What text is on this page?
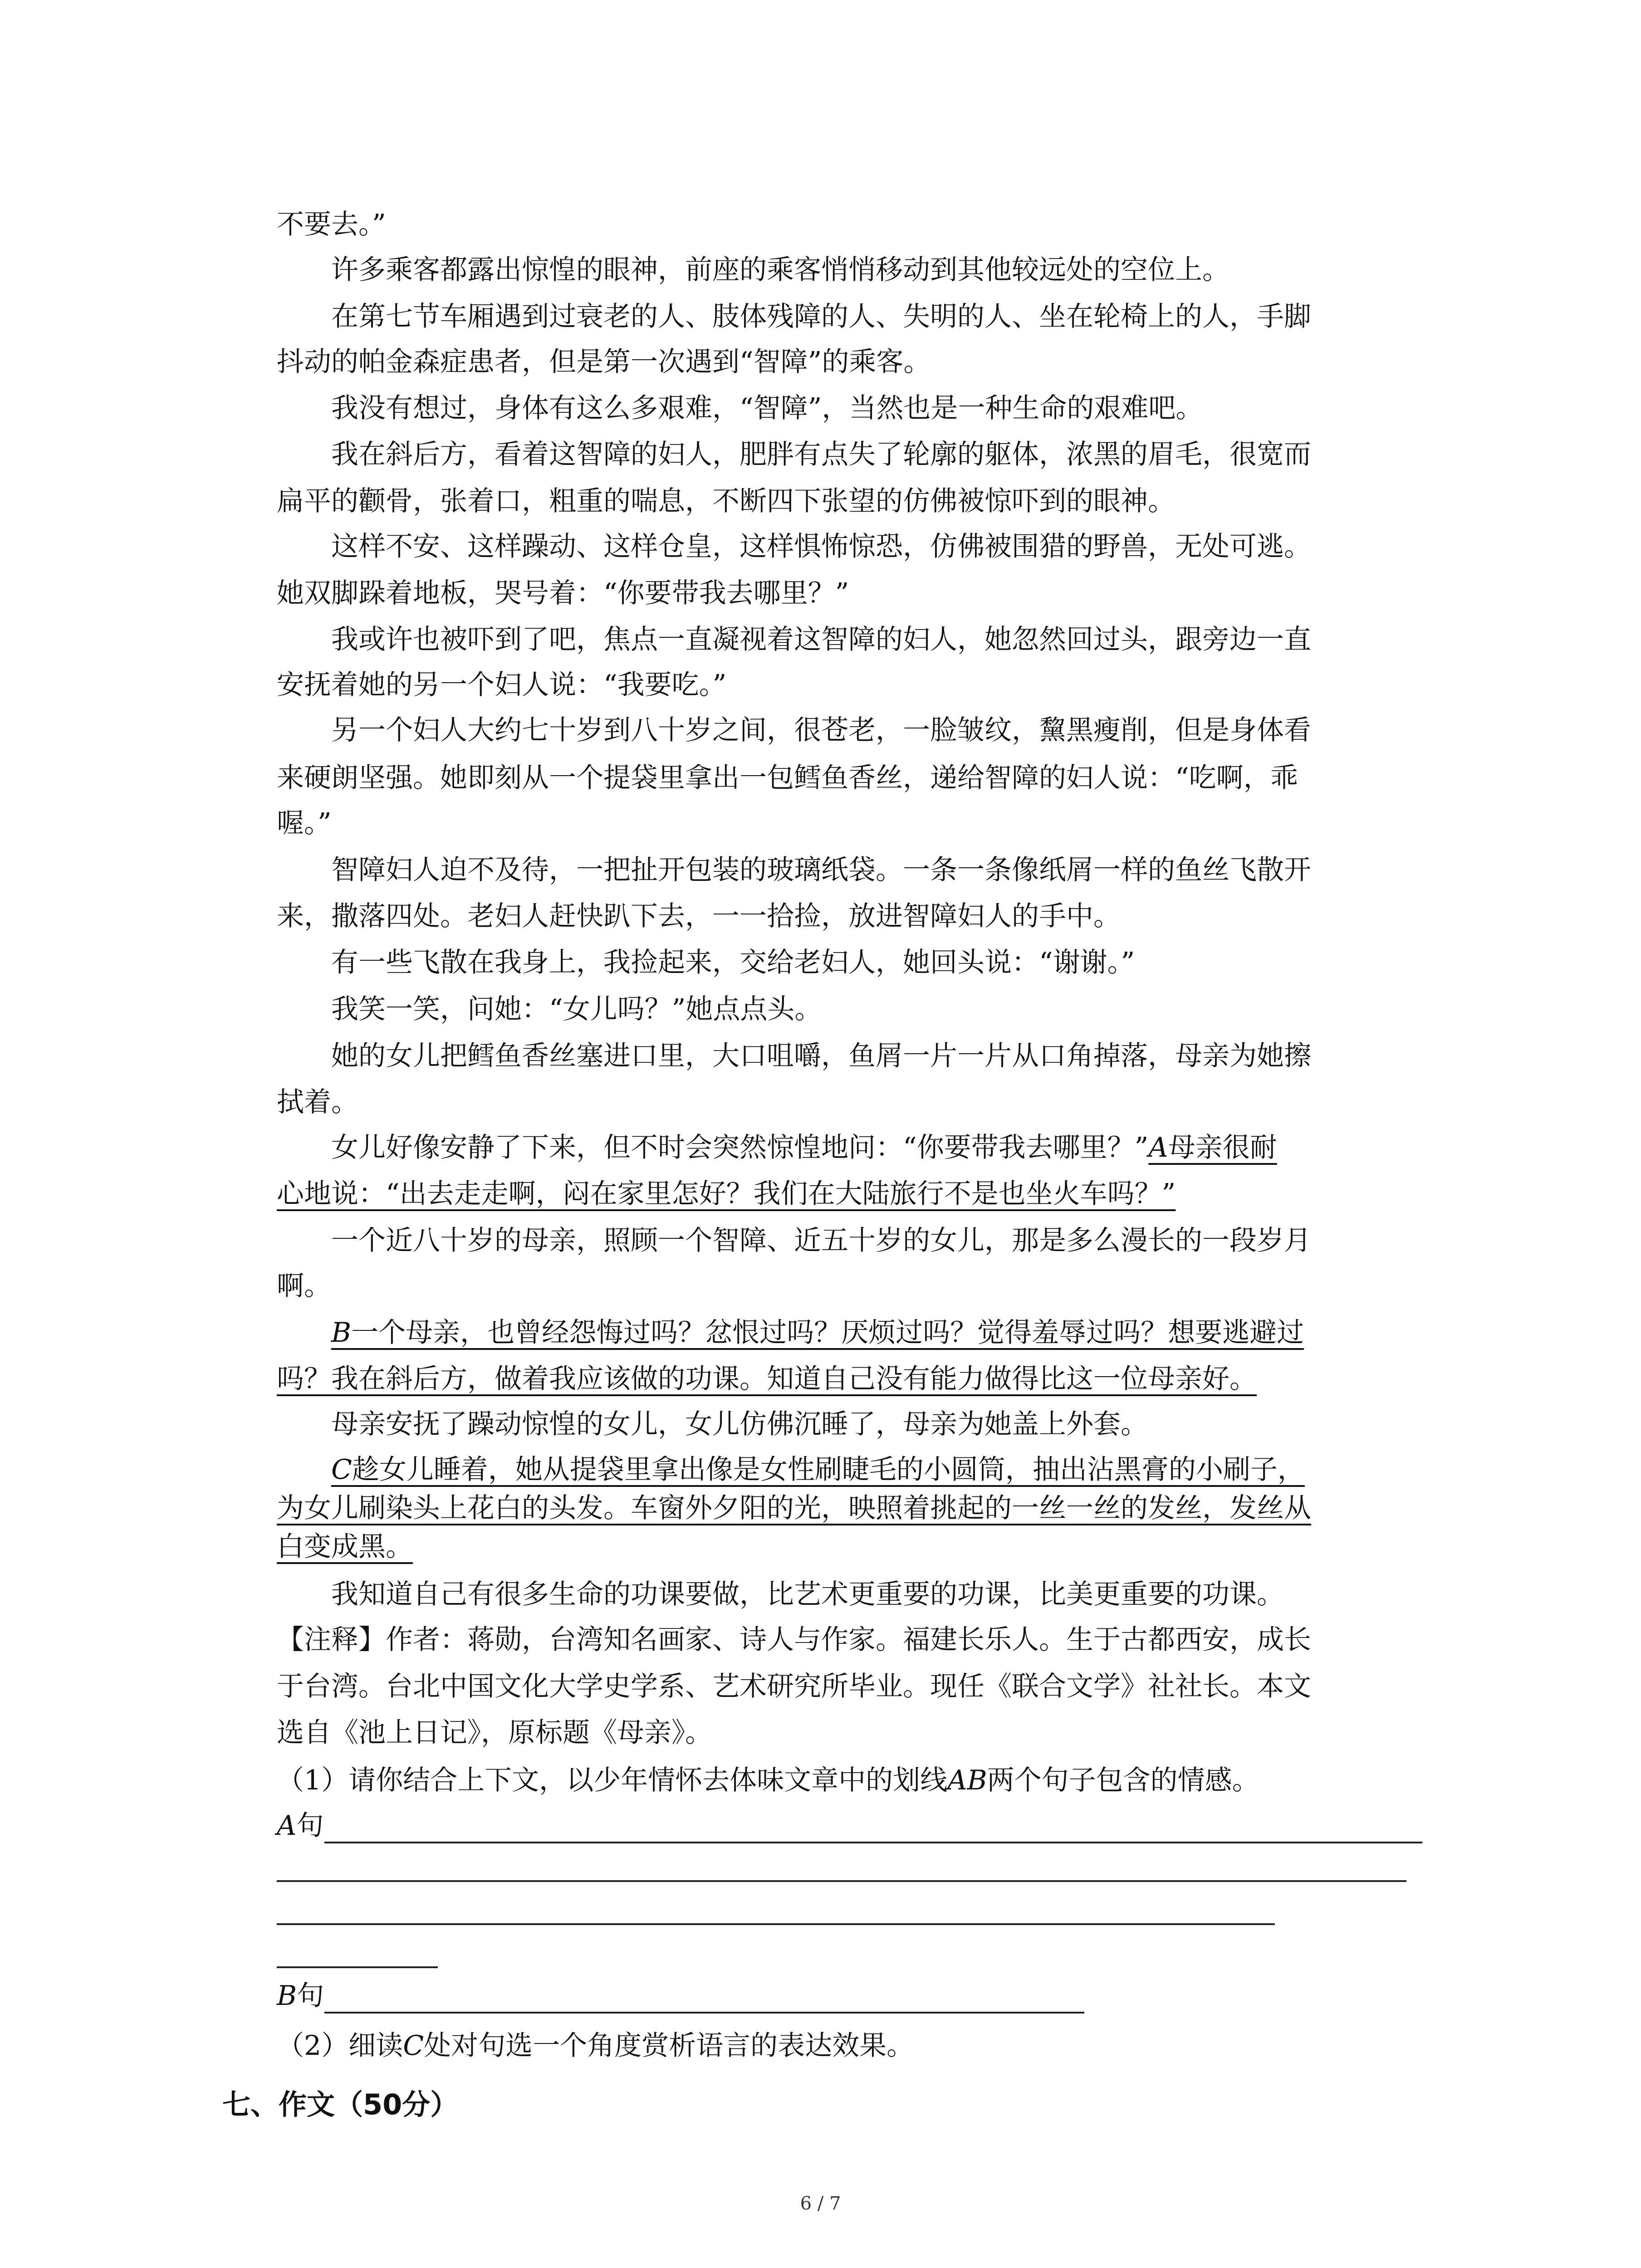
不要去。”
许多乘客都露出惊惶的眼神，前座的乘客悄悄移动到其他较远处的空位上。
在第七节车厢遇到过衰老的人、肢体残障的人、失明的人、坐在轮椅上的人，手脚
抖动的帕金森症患者，但是第一次遇到“智障”的乘客。
我没有想过，身体有这么多艰难，“智障”，当然也是一种生命的艰难吧。
我在斜后方，看着这智障的妇人，肥胖有点失了轮廓的躯体，浓黑的眉毛，很宽而
扁平的颧骨，张着口，粗重的喘息，不断四下张望的仿佛被惊吓到的眼神。
这样不安、这样躁动、这样仓皇，这样惧怖惊恐，仿佛被围猎的野兽，无处可逃。
她双脚跺着地板，哭号着：“你要带我去哪里？”
我或许也被吓到了吧，焦点一直凝视着这智障的妇人，她忽然回过头，跟旁边一直
安抚着她的另一个妇人说：“我要吃。”
另一个妇人大约七十岁到八十岁之间，很苍老，一脸皱纹，黧黑瘦削，但是身体看
来硬朗坚强。她即刻从一个提袋里拿出一包鳕鱼香丝，递给智障的妇人说：“吃啊，乖
喔。”
智障妇人迫不及待，一把扯开包装的玻璃纸袋。一条一条像纸屑一样的鱼丝飞散开
来，撒落四处。老妇人赶快趴下去，一一拾捡，放进智障妇人的手中。
有一些飞散在我身上，我捡起来，交给老妇人，她回头说：“谢谢。”
我笑一笑，问她：“女儿吗？”她点点头。
她的女儿把鳕鱼香丝塞进口里，大口咀嚼，鱼屑一片一片从口角掉落，母亲为她擦
拭着。
女儿好像安静了下来，但不时会突然惊惶地问：“你要带我去哪里？”A母亲很耐
心地说：“出去走走啊，闷在家里怎好？我们在大陆旅行不是也坐火车吗？”
一个近八十岁的母亲，照顾一个智障、近五十岁的女儿，那是多么漫长的一段岁月
啊。
B一个母亲，也曾经怨悔过吗？忿恨过吗？厌烦过吗？觉得羞辱过吗？想要逃避过
吗？我在斜后方，做着我应该做的功课。知道自己没有能力做得比这一位母亲好。
母亲安抚了躁动惊惶的女儿，女儿仿佛沉睡了，母亲为她盖上外套。
C趁女儿睡着，她从提袋里拿出像是女性刷睫毛的小圆筒，抽出沾黑膏的小刷子，
为女儿刷染头上花白的头发。车窗外夕阳的光，映照着挑起的一丝一丝的发丝，发丝从
白变成黑。
我知道自己有很多生命的功课要做，比艺术更重要的功课，比美更重要的功课。
【注释】作者：蒋勋，台湾知名画家、诗人与作家。福建长乐人。生于古都西安，成长
于台湾。台北中国文化大学史学系、艺术研究所毕业。现任《联合文学》社社长。本文
选自《池上日记》，原标题《母亲》。
（1）请你结合上下文，以少年情怀去体味文章中的划线AB两个句子包含的情感。
A句
B句
（2）细读C处对句选一个角度赏析语言的表达效果。
七、作文（50分）
6 / 7
